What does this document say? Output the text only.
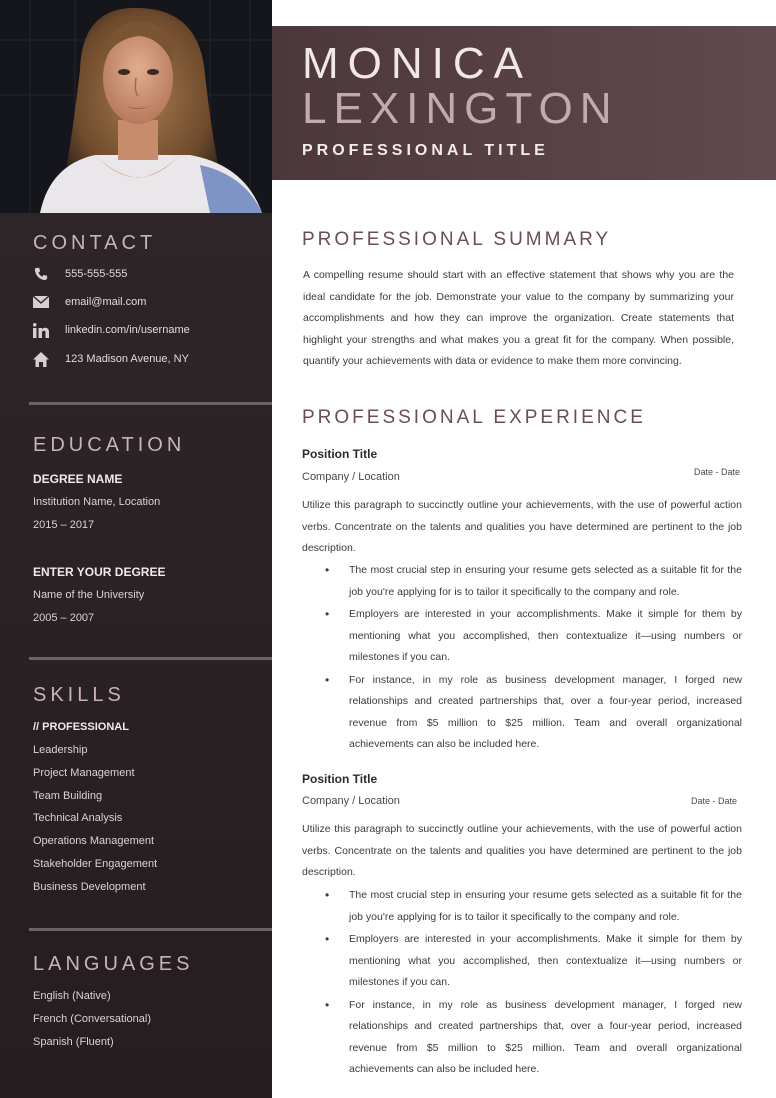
MONICA
LEXINGTON
PROFESSIONAL TITLE
CONTACT
555-555-555
email@mail.com
linkedin.com/in/username
123 Madison Avenue, NY
EDUCATION
DEGREE NAME
Institution Name, Location
2015 – 2017
ENTER YOUR DEGREE
Name of the University
2005 – 2007
SKILLS
// PROFESSIONAL
Leadership
Project Management
Team Building
Technical Analysis
Operations Management
Stakeholder Engagement
Business Development
LANGUAGES
English (Native)
French (Conversational)
Spanish (Fluent)
PROFESSIONAL SUMMARY
A compelling resume should start with an effective statement that shows why you are the ideal candidate for the job. Demonstrate your value to the company by summarizing your accomplishments and how they can improve the organization. Create statements that highlight your strengths and what makes you a great fit for the company. When possible, quantify your achievements with data or evidence to make them more convincing.
PROFESSIONAL EXPERIENCE
Position Title
Date - Date
Company / Location
Utilize this paragraph to succinctly outline your achievements, with the use of powerful action verbs. Concentrate on the talents and qualities you have determined are pertinent to the job description.
• The most crucial step in ensuring your resume gets selected as a suitable fit for the job you're applying for is to tailor it specifically to the company and role.
• Employers are interested in your accomplishments. Make it simple for them by mentioning what you accomplished, then contextualize it—using numbers or milestones if you can.
• For instance, in my role as business development manager, I forged new relationships and created partnerships that, over a four-year period, increased revenue from $5 million to $25 million. Team and overall organizational achievements can also be included here.
Position Title
Date - Date
Company / Location
Utilize this paragraph to succinctly outline your achievements, with the use of powerful action verbs. Concentrate on the talents and qualities you have determined are pertinent to the job description.
• The most crucial step in ensuring your resume gets selected as a suitable fit for the job you're applying for is to tailor it specifically to the company and role.
• Employers are interested in your accomplishments. Make it simple for them by mentioning what you accomplished, then contextualize it—using numbers or milestones if you can.
• For instance, in my role as business development manager, I forged new relationships and created partnerships that, over a four-year period, increased revenue from $5 million to $25 million. Team and overall organizational achievements can also be included here.
